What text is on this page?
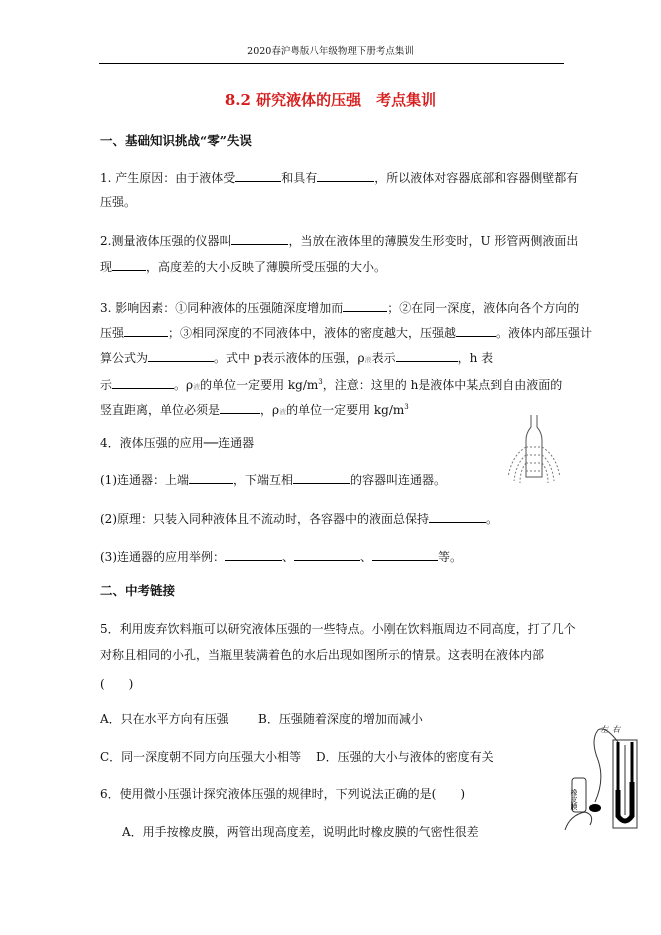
2020春沪粤版八年级物理下册考点集训
8.2 研究液体的压强　考点集训
一、基础知识挑战“零”失误
1. 产生原因：由于液体受	和具有	，所以液体对容器底部和容器侧壁都有
压强。
2.测量液体压强的仪器叫	，当放在液体里的薄膜发生形变时，U 形管两侧液面出
现	，高度差的大小反映了薄膜所受压强的大小。
3. 影响因素：①同种液体的压强随深度增加而	；②在同一深度，液体向各个方向的
压强	；③相同深度的不同液体中，液体的密度越大，压强越	。液体内部压强计
算公式为	。式中 p表示液体的压强，ρ液表示	，h 表
示	。ρ液的单位一定要用 $kg/m^3$，注意：这里的 h是液体中某点到自由液面的
竖直距离，单位必须是	，ρ液的单位一定要用 $kg/m^3$
4．液体压强的应用──连通器
(1)连通器：上端	，下端互相	的容器叫连通器。
(2)原理：只装入同种液体且不流动时，各容器中的液面总保持	。
(3)连通器的应用举例：	、	、	等。
二、中考链接
5．利用废弃饮料瓶可以研究液体压强的一些特点。小刚在饮料瓶周边不同高度，打了几个
对称且相同的小孔，当瓶里装满着色的水后出现如图所示的情景。这表明在液体内部
(　　)
A．只在水平方向有压强 B．压强随着深度的增加而减小
C．同一深度朝不同方向压强大小相等 D．压强的大小与液体的密度有关
6．使用微小压强计探究液体压强的规律时，下列说法正确的是(　　)
A．用手按橡皮膜，两管出现高度差，说明此时橡皮膜的气密性很差
左 右
橡皮膜
